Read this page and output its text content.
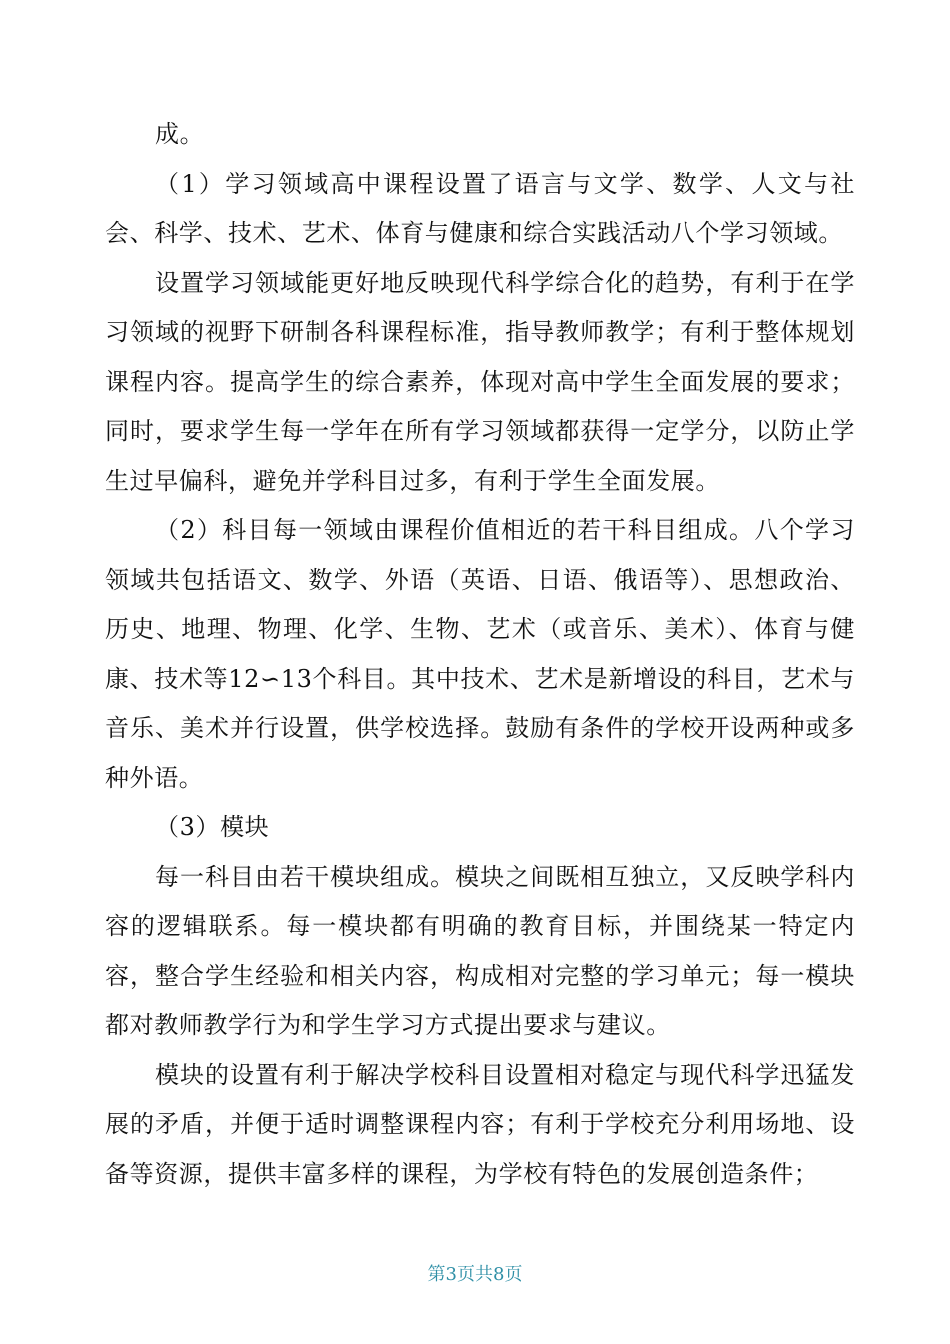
成。

（1）学习领域高中课程设置了语言与文学、数学、人文与社会、科学、技术、艺术、体育与健康和综合实践活动八个学习领域。

设置学习领域能更好地反映现代科学综合化的趋势，有利于在学习领域的视野下研制各科课程标准，指导教师教学；有利于整体规划课程内容。提高学生的综合素养，体现对高中学生全面发展的要求；同时，要求学生每一学年在所有学习领域都获得一定学分，以防止学生过早偏科，避免并学科目过多，有利于学生全面发展。

（2）科目每一领域由课程价值相近的若干科目组成。八个学习领域共包括语文、数学、外语（英语、日语、俄语等）、思想政治、历史、地理、物理、化学、生物、艺术（或音乐、美术）、体育与健康、技术等12∽13个科目。其中技术、艺术是新增设的科目，艺术与音乐、美术并行设置，供学校选择。鼓励有条件的学校开设两种或多种外语。

（3）模块

每一科目由若干模块组成。模块之间既相互独立，又反映学科内容的逻辑联系。每一模块都有明确的教育目标，并围绕某一特定内容，整合学生经验和相关内容，构成相对完整的学习单元；每一模块都对教师教学行为和学生学习方式提出要求与建议。

模块的设置有利于解决学校科目设置相对稳定与现代科学迅猛发展的矛盾，并便于适时调整课程内容；有利于学校充分利用场地、设备等资源，提供丰富多样的课程，为学校有特色的发展创造条件；

第3页共8页
